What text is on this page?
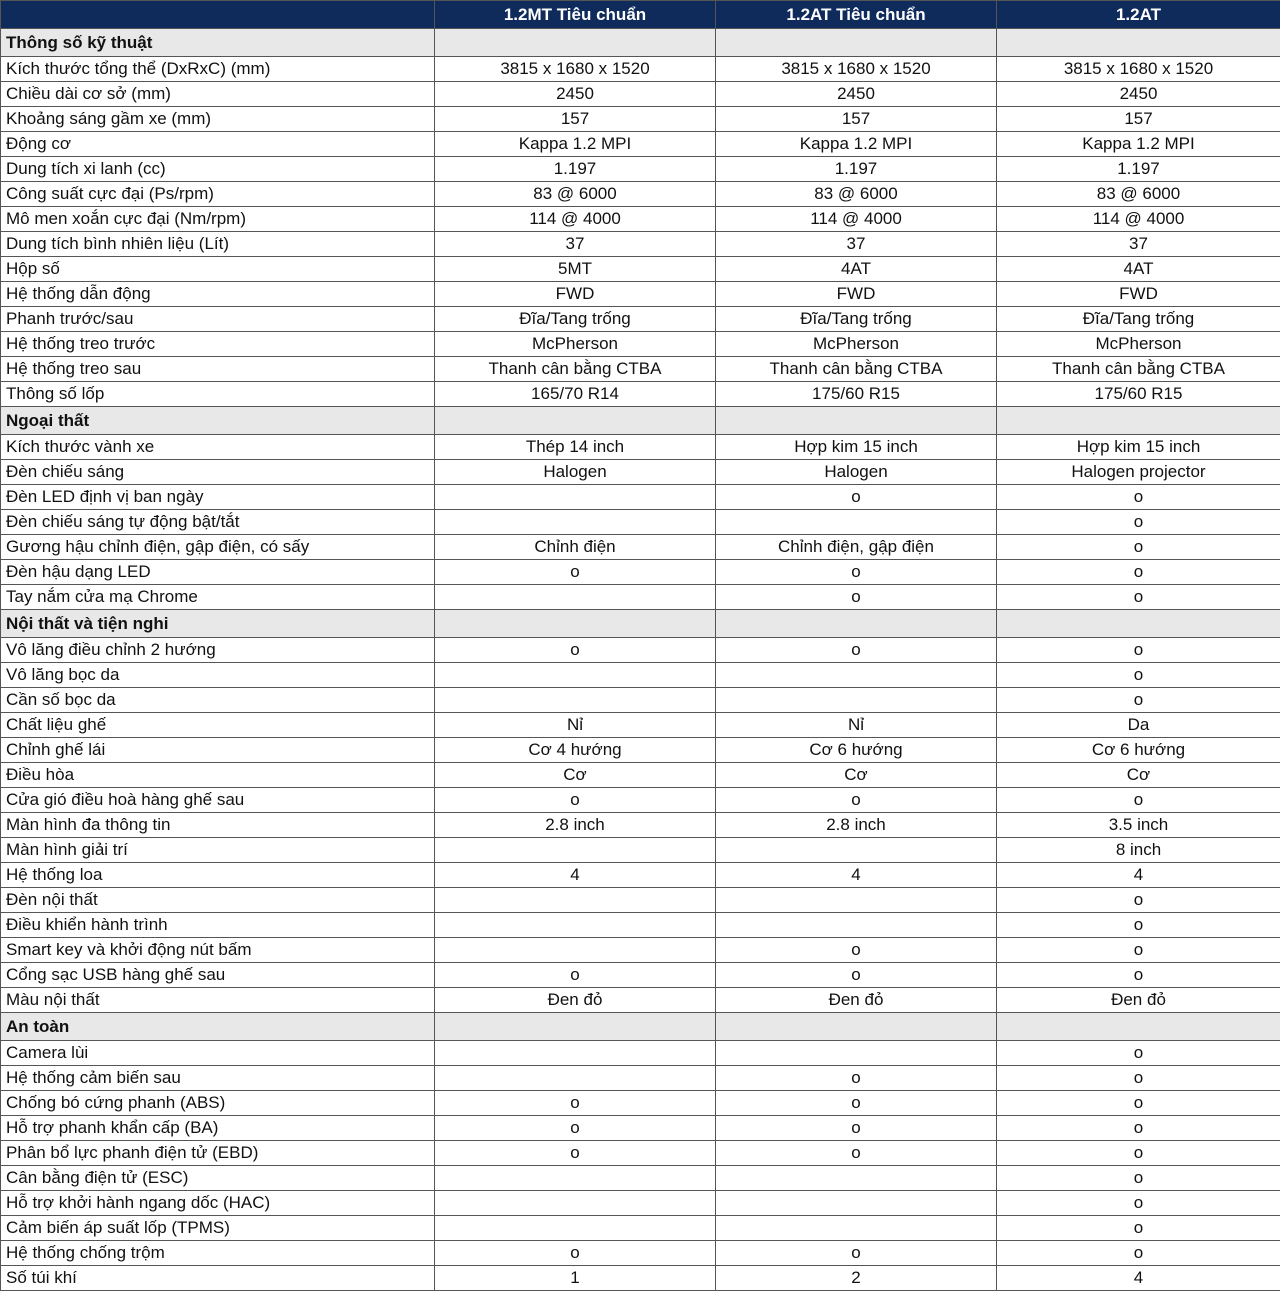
	1.2MT Tiêu chuẩn	1.2AT Tiêu chuẩn	1.2AT
Thông số kỹ thuật			
Kích thước tổng thể (DxRxC) (mm)	3815 x 1680 x 1520	3815 x 1680 x 1520	3815 x 1680 x 1520
Chiều dài cơ sở (mm)	2450	2450	2450
Khoảng sáng gầm xe (mm)	157	157	157
Động cơ	Kappa 1.2 MPI	Kappa 1.2 MPI	Kappa 1.2 MPI
Dung tích xi lanh (cc)	1.197	1.197	1.197
Công suất cực đại (Ps/rpm)	83 @ 6000	83 @ 6000	83 @ 6000
Mô men xoắn cực đại (Nm/rpm)	114 @ 4000	114 @ 4000	114 @ 4000
Dung tích bình nhiên liệu (Lít)	37	37	37
Hộp số	5MT	4AT	4AT
Hệ thống dẫn động	FWD	FWD	FWD
Phanh trước/sau	Đĩa/Tang trống	Đĩa/Tang trống	Đĩa/Tang trống
Hệ thống treo trước	McPherson	McPherson	McPherson
Hệ thống treo sau	Thanh cân bằng CTBA	Thanh cân bằng CTBA	Thanh cân bằng CTBA
Thông số lốp	165/70 R14	175/60 R15	175/60 R15
Ngoại thất			
Kích thước vành xe	Thép 14 inch	Hợp kim 15 inch	Hợp kim 15 inch
Đèn chiếu sáng	Halogen	Halogen	Halogen projector
Đèn LED định vị ban ngày		o	o
Đèn chiếu sáng tự động bật/tắt			o
Gương hậu chỉnh điện, gập điện, có sấy	Chỉnh điện	Chỉnh điện, gập điện	o
Đèn hậu dạng LED	o	o	o
Tay nắm cửa mạ Chrome		o	o
Nội thất và tiện nghi			
Vô lăng điều chỉnh 2 hướng	o	o	o
Vô lăng bọc da			o
Cần số bọc da			o
Chất liệu ghế	Nỉ	Nỉ	Da
Chỉnh ghế lái	Cơ 4 hướng	Cơ 6 hướng	Cơ 6 hướng
Điều hòa	Cơ	Cơ	Cơ
Cửa gió điều hoà hàng ghế sau	o	o	o
Màn hình đa thông tin	2.8 inch	2.8 inch	3.5 inch
Màn hình giải trí			8 inch
Hệ thống loa	4	4	4
Đèn nội thất			o
Điều khiển hành trình			o
Smart key và khởi động nút bấm		o	o
Cổng sạc USB hàng ghế sau	o	o	o
Màu nội thất	Đen đỏ	Đen đỏ	Đen đỏ
An toàn			
Camera lùi			o
Hệ thống cảm biến sau		o	o
Chống bó cứng phanh (ABS)	o	o	o
Hỗ trợ phanh khẩn cấp (BA)	o	o	o
Phân bổ lực phanh điện tử (EBD)	o	o	o
Cân bằng điện tử (ESC)			o
Hỗ trợ khởi hành ngang dốc (HAC)			o
Cảm biến áp suất lốp (TPMS)			o
Hệ thống chống trộm	o	o	o
Số túi khí	1	2	4
